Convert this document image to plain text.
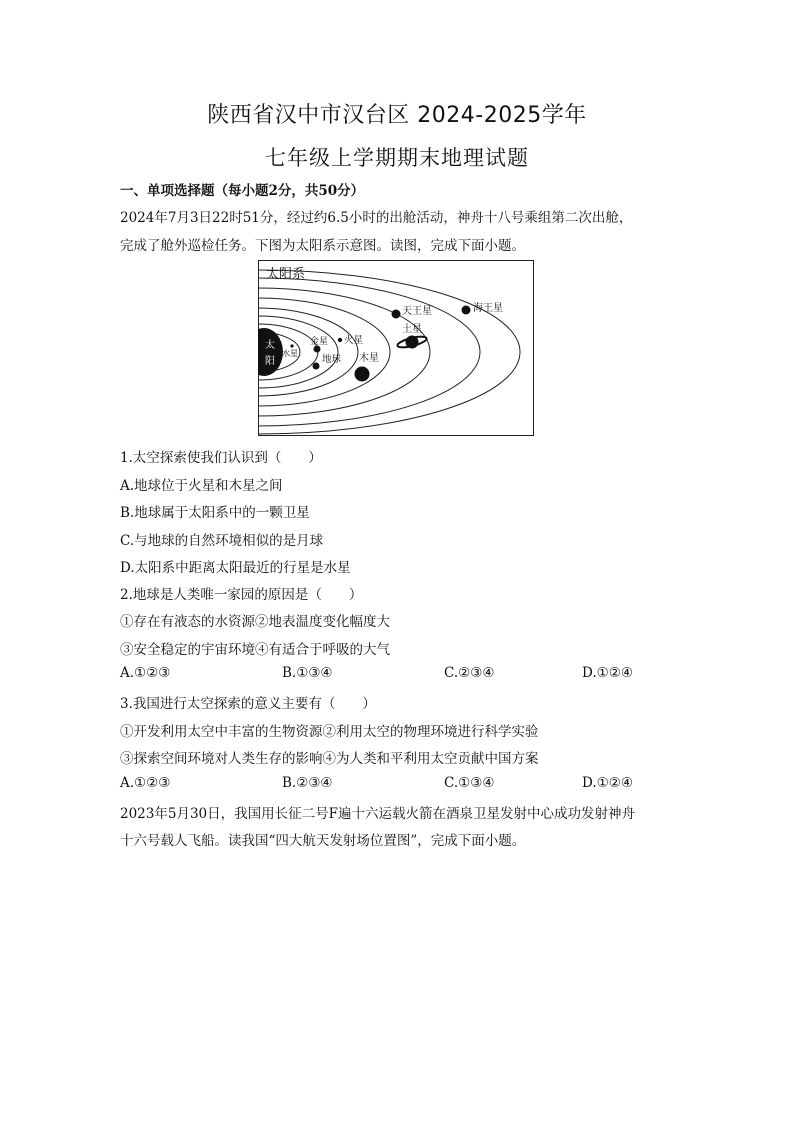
陕西省汉中市汉台区 2024-2025学年
七年级上学期期末地理试题
一、单项选择题（每小题2分，共50分）
2024年7月3日22时51分，经过约6.5小时的出舱活动，神舟十八号乘组第二次出舱，
完成了舱外巡检任务。下图为太阳系示意图。读图，完成下面小题。
太阳系
太
阳
水星
金星
地球
火星
木星
土星
天王星	海王星
1.太空探索使我们认识到（　　）
A.地球位于火星和木星之间
B.地球属于太阳系中的一颗卫星
C.与地球的自然环境相似的是月球
D.太阳系中距离太阳最近的行星是水星
2.地球是人类唯一家园的原因是（　　）
①存在有液态的水资源②地表温度变化幅度大
③安全稳定的宇宙环境④有适合于呼吸的大气
A.①②③	B.①③④	C.②③④	D.①②④
3.我国进行太空探索的意义主要有（　　）
①开发利用太空中丰富的生物资源②利用太空的物理环境进行科学实验
③探索空间环境对人类生存的影响④为人类和平利用太空贡献中国方案
A.①②③	B.②③④	C.①③④	D.①②④
2023年5月30日，我国用长征二号F遍十六运载火箭在酒泉卫星发射中心成功发射神舟
十六号载人飞船。读我国“四大航天发射场位置图”，完成下面小题。
